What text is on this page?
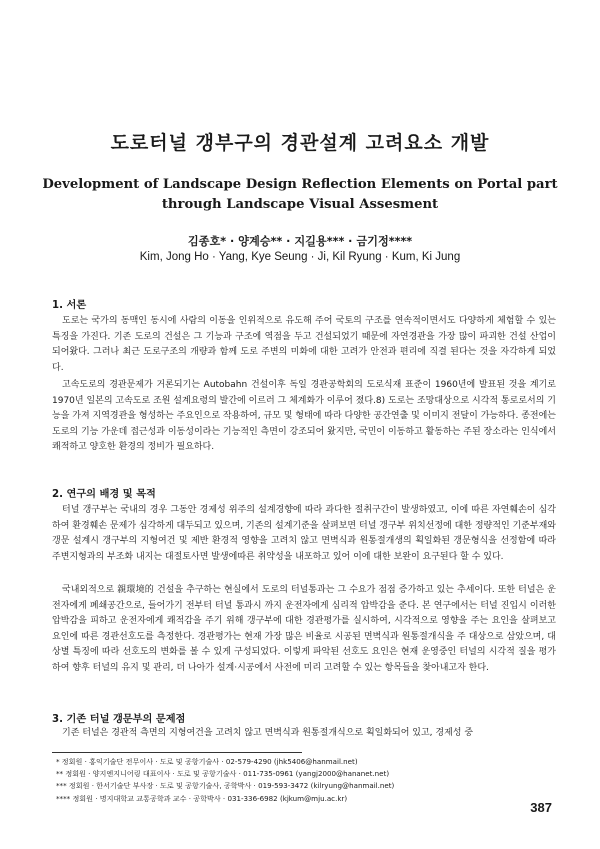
도로터널 갱부구의 경관설계 고려요소 개발
Development of Landscape Design Reflection Elements on Portal part through Landscape Visual Assesment
김종호* · 양계승** · 지길용*** · 금기정****
Kim, Jong Ho · Yang, Kye Seung · Ji, Kil Ryung · Kum, Ki Jung
1. 서론

도로는 국가의 동맥인 동시에 사람의 이동을 인위적으로 유도해 주어 국토의 구조를 연속적이면서도 다양하게 체험할 수 있는 특징을 가진다. 기존 도로의 건설은 그 기능과 구조에 역점을 두고 건설되었기 때문에 자연경관을 가장 많이 파괴한 건설 산업이 되어왔다. 그러나 최근 도로구조의 개량과 함께 도로 주변의 미화에 대한 고려가 안전과 편리에 직결 된다는 것을 자각하게 되었다.

고속도로의 경관문제가 거론되기는 Autobahn 건설이후 독일 경관공학회의 도로식재 표준이 1960년에 발표된 것을 계기로 1970년 일본의 고속도로 조원 설계요령의 발간에 이르러 그 체계화가 이루어 졌다.8) 도로는 조망대상으로 시각적 통로로서의 기능을 가져 지역경관을 형성하는 주요인으로 작용하여, 규모 및 형태에 따라 다양한 공간연출 및 이미지 전달이 가능하다. 종전에는 도로의 기능 가운데 접근성과 이동성이라는 기능적인 측면이 강조되어 왔지만, 국민이 이동하고 활동하는 주된 장소라는 인식에서 쾌적하고 양호한 환경의 정비가 필요하다.

2. 연구의 배경 및 목적

터널 갱구부는 국내의 경우 그동안 경제성 위주의 설계경향에 따라 과다한 절취구간이 발생하였고, 이에 따른 자연훼손이 심각하여 환경훼손 문제가 심각하게 대두되고 있으며, 기존의 설계기준을 살펴보면 터널 갱구부 위치선정에 대한 정량적인 기준부재와 갱문 설계시 갱구부의 지형여건 및 제반 환경적 영향을 고려치 않고 면벽식과 원통절개생의 획일화된 갱문형식을 선정함에 따라 주변지형과의 부조화 내지는 대절토사면 발생에따른 취약성을 내포하고 있어 이에 대한 보완이 요구된다 할 수 있다.

국내외적으로 親環境的 건설을 추구하는 현실에서 도로의 터널통과는 그 수요가 점점 증가하고 있는 추세이다. 또한 터널은 운전자에게 폐쇄공간으로, 들어가기 전부터 터널 통과시 까지 운전자에게 심리적 압박감을 준다. 본 연구에서는 터널 진입시 이러한 압박감을 피하고 운전자에게 쾌적감을 주기 위해 갱구부에 대한 경관평가를 실시하여, 시각적으로 영향을 주는 요인을 살펴보고 요인에 따른 경관선호도를 측정한다. 경관평가는 현재 가장 많은 비율로 시공된 면벽식과 원통절개식을 주 대상으로 삼았으며, 대상별 특징에 따라 선호도의 변화를 볼 수 있게 구성되었다. 이렇게 파악된 선호도 요인은 현재 운영중인 터널의 시각적 질을 평가하여 향후 터널의 유지 및 관리, 더 나아가 설계·시공에서 사전에 미리 고려할 수 있는 항목들을 찾아내고자 한다.

3. 기존 터널 갱문부의 문제점

기존 터널은 경관적 측면의 지형여건을 고려치 않고 면벽식과 원통절개식으로 획일화되어 있고, 경제성 중

* 정회원 · 홍익기술단 전무이사 · 도로 및 공항기술사 · 02-579-4290 (jhk5406@hanmail.net)
** 정회원 · 양지엔지니어링 대표이사 · 도로 및 공항기술사 · 011-735-0961 (yangj2000@hananet.net)
*** 정회원 · 한서기술단 부사장 · 도로 및 공항기술사, 공학박사 · 019-593-3472 (kilryung@hanmail.net)
**** 정회원 · 명지대학교 교통공학과 교수 · 공학박사 · 031-336-6982 (kjkum@mju.ac.kr)
387
